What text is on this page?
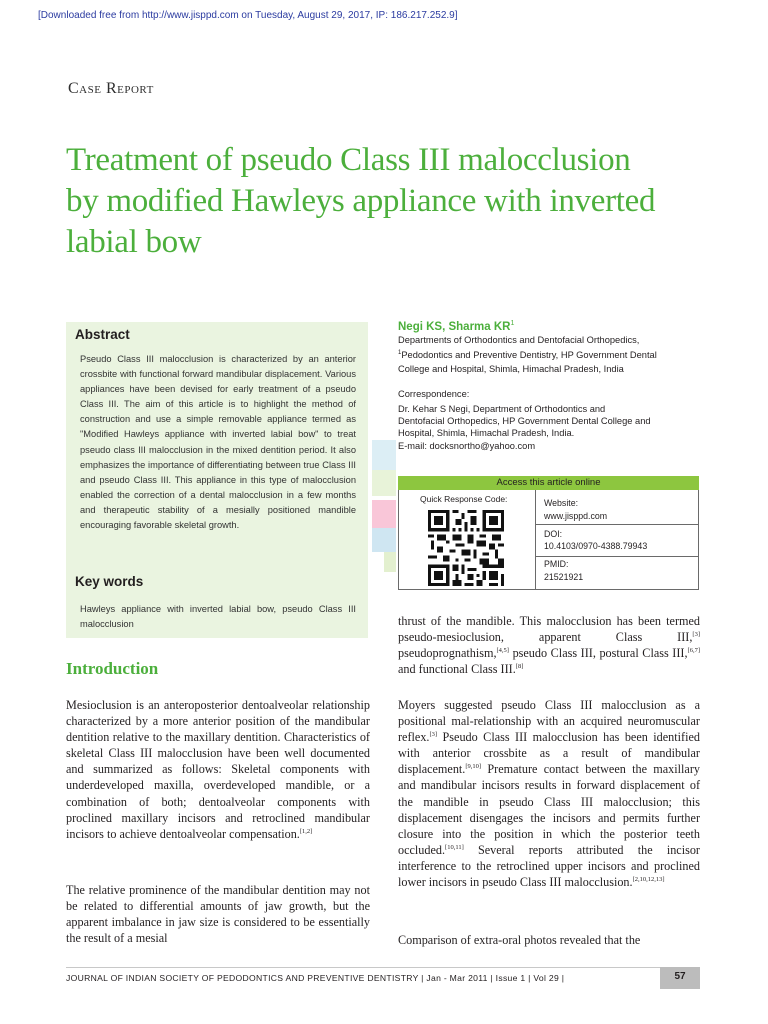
[Downloaded free from http://www.jisppd.com on Tuesday, August 29, 2017, IP: 186.217.252.9]
Case Report
Treatment of pseudo Class III malocclusion
by modified Hawleys appliance with inverted
labial bow
Abstract
Pseudo Class III malocclusion is characterized by an anterior crossbite with functional forward mandibular displacement. Various appliances have been devised for early treatment of a pseudo Class III. The aim of this article is to highlight the method of construction and use a simple removable appliance termed as "Modified Hawleys appliance with inverted labial bow" to treat pseudo class III malocclusion in the mixed dentition period. It also emphasizes the importance of differentiating between true Class III and pseudo Class III. This appliance in this type of malocclusion enabled the correction of a dental malocclusion in a few months and therapeutic stability of a mesially positioned mandible encouraging favorable skeletal growth.
Key words
Hawleys appliance with inverted labial bow, pseudo Class III malocclusion
Negi KS, Sharma $KR^1$
Departments of Orthodontics and Dentofacial Orthopedics,
$^1$Pedodontics and Preventive Dentistry, HP Government Dental
College and Hospital, Shimla, Himachal Pradesh, India
Correspondence:
Dr. Kehar S Negi, Department of Orthodontics and
Dentofacial Orthopedics, HP Government Dental College and
Hospital, Shimla, Himachal Pradesh, India.
E-mail: docksnortho@yahoo.com
Access this article online
Quick Response Code:	Website:
www.jisppd.com
DOI:
10.4103/0970-4388.79943
PMID:
21521921
Introduction

Mesioclusion is an anteroposterior dentoalveolar relationship characterized by a more anterior position of the mandibular dentition relative to the maxillary dentition. Characteristics of skeletal Class III malocclusion have been well documented and summarized as follows: Skeletal components with underdeveloped maxilla, overdeveloped mandible, or a combination of both; dentoalveolar components with proclined maxillary incisors and retroclined mandibular incisors to achieve dentoalveolar compensation.[1,2]

The relative prominence of the mandibular dentition may not be related to differential amounts of jaw growth, but the apparent imbalance in jaw size is considered to be essentially the result of a mesial

thrust of the mandible. This malocclusion has been termed pseudo-mesioclusion, apparent Class III,[3] pseudoprognathism,[4,5] pseudo Class III, postural Class III,[6,7] and functional Class III.[8]

Moyers suggested pseudo Class III malocclusion as a positional mal-relationship with an acquired neuromuscular reflex.[3] Pseudo Class III malocclusion has been identified with anterior crossbite as a result of mandibular displacement.[9,10] Premature contact between the maxillary and mandibular incisors results in forward displacement of the mandible in pseudo Class III malocclusion; this displacement disengages the incisors and permits further closure into the position in which the posterior teeth occluded.[10,11] Several reports attributed the incisor interference to the retroclined upper incisors and proclined lower incisors in pseudo Class III malocclusion.[2,10,12,13]

Comparison of extra-oral photos revealed that the

JOURNAL OF INDIAN SOCIETY OF PEDODONTICS AND PREVENTIVE DENTISTRY | Jan - Mar 2011 | Issue 1 | Vol 29 |	57
